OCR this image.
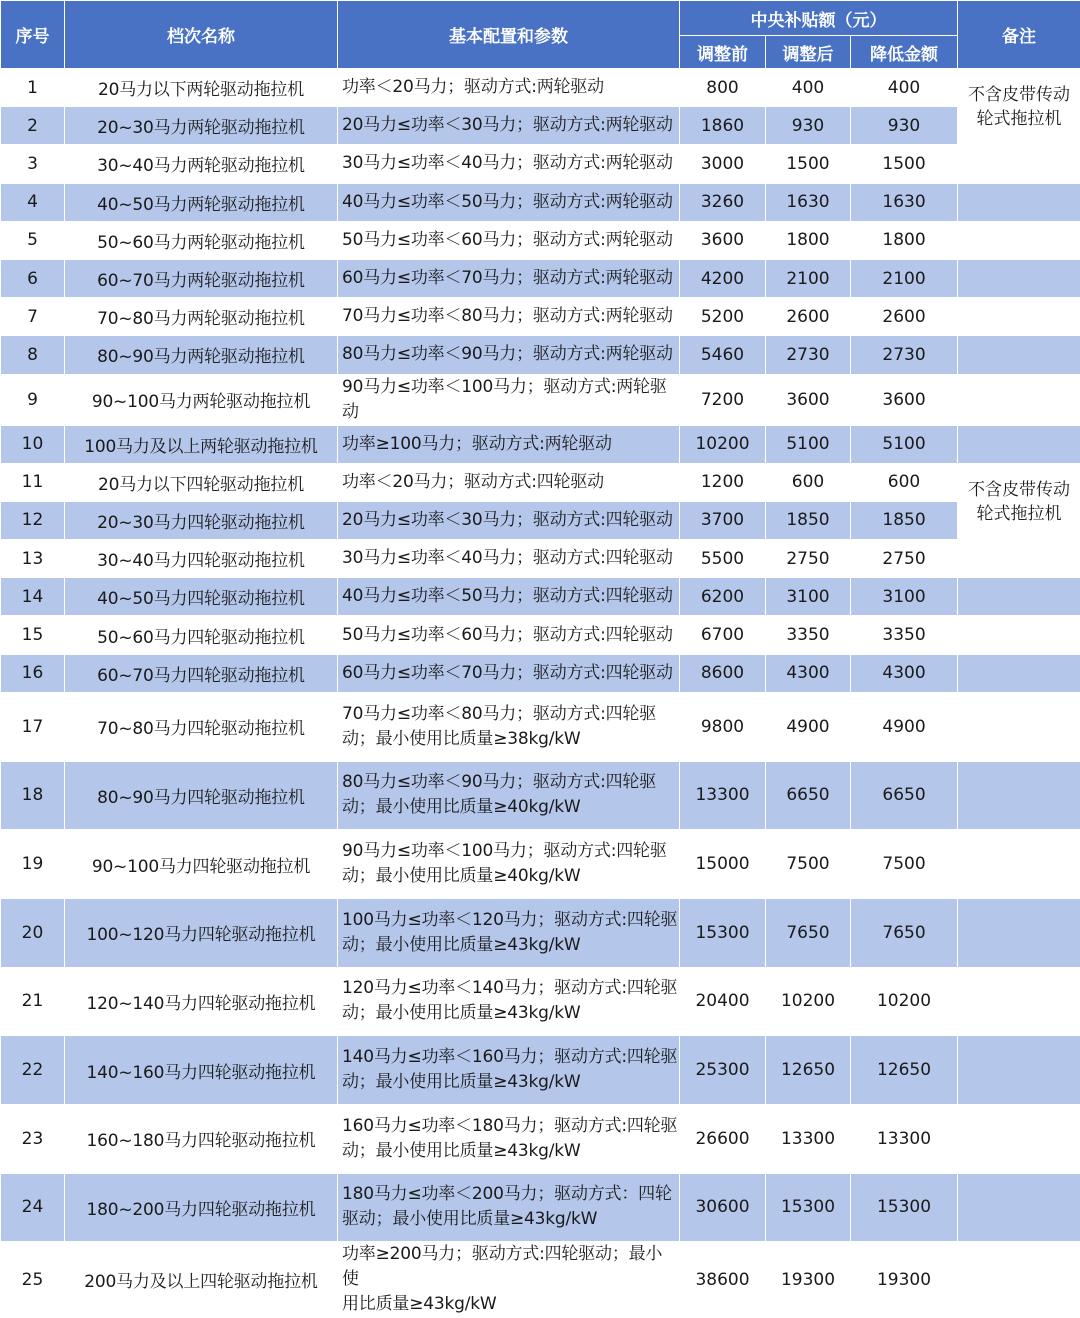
序号	档次名称	基本配置和参数	中央补贴额（元）			备注
			调整前	调整后	降低金额	
1	20马力以下两轮驱动拖拉机	功率＜20马力；驱动方式:两轮驱动	800	400	400	不含皮带传动
轮式拖拉机
2	20~30马力两轮驱动拖拉机	20马力≤功率＜30马力；驱动方式:两轮驱动	1860	930	930	
3	30~40马力两轮驱动拖拉机	30马力≤功率＜40马力；驱动方式:两轮驱动	3000	1500	1500	
4	40~50马力两轮驱动拖拉机	40马力≤功率＜50马力；驱动方式:两轮驱动	3260	1630	1630	
5	50~60马力两轮驱动拖拉机	50马力≤功率＜60马力；驱动方式:两轮驱动	3600	1800	1800	
6	60~70马力两轮驱动拖拉机	60马力≤功率＜70马力；驱动方式:两轮驱动	4200	2100	2100	
7	70~80马力两轮驱动拖拉机	70马力≤功率＜80马力；驱动方式:两轮驱动	5200	2600	2600	
8	80~90马力两轮驱动拖拉机	80马力≤功率＜90马力；驱动方式:两轮驱动	5460	2730	2730	
9	90~100马力两轮驱动拖拉机	90马力≤功率＜100马力；驱动方式:两轮驱动	7200	3600	3600	
10	100马力及以上两轮驱动拖拉机	功率≥100马力；驱动方式:两轮驱动	10200	5100	5100	
11	20马力以下四轮驱动拖拉机	功率＜20马力；驱动方式:四轮驱动	1200	600	600	不含皮带传动
轮式拖拉机
12	20~30马力四轮驱动拖拉机	20马力≤功率＜30马力；驱动方式:四轮驱动	3700	1850	1850	
13	30~40马力四轮驱动拖拉机	30马力≤功率＜40马力；驱动方式:四轮驱动	5500	2750	2750	
14	40~50马力四轮驱动拖拉机	40马力≤功率＜50马力；驱动方式:四轮驱动	6200	3100	3100	
15	50~60马力四轮驱动拖拉机	50马力≤功率＜60马力；驱动方式:四轮驱动	6700	3350	3350	
16	60~70马力四轮驱动拖拉机	60马力≤功率＜70马力；驱动方式:四轮驱动	8600	4300	4300	
17	70~80马力四轮驱动拖拉机	70马力≤功率＜80马力；驱动方式:四轮驱
动；最小使用比质量≥38kg/kW	9800	4900	4900	
18	80~90马力四轮驱动拖拉机	80马力≤功率＜90马力；驱动方式:四轮驱
动；最小使用比质量≥40kg/kW	13300	6650	6650	
19	90~100马力四轮驱动拖拉机	90马力≤功率＜100马力；驱动方式:四轮驱
动；最小使用比质量≥40kg/kW	15000	7500	7500	
20	100~120马力四轮驱动拖拉机	100马力≤功率＜120马力；驱动方式:四轮驱
动；最小使用比质量≥43kg/kW	15300	7650	7650	
21	120~140马力四轮驱动拖拉机	120马力≤功率＜140马力；驱动方式:四轮驱
动；最小使用比质量≥43kg/kW	20400	10200	10200	
22	140~160马力四轮驱动拖拉机	140马力≤功率＜160马力；驱动方式:四轮驱
动；最小使用比质量≥43kg/kW	25300	12650	12650	
23	160~180马力四轮驱动拖拉机	160马力≤功率＜180马力；驱动方式:四轮驱
动；最小使用比质量≥43kg/kW	26600	13300	13300	
24	180~200马力四轮驱动拖拉机	180马力≤功率＜200马力；驱动方式：四轮
驱动；最小使用比质量≥43kg/kW	30600	15300	15300	
25	200马力及以上四轮驱动拖拉机	功率≥200马力；驱动方式:四轮驱动；最小使
用比质量≥43kg/kW	38600	19300	19300	
